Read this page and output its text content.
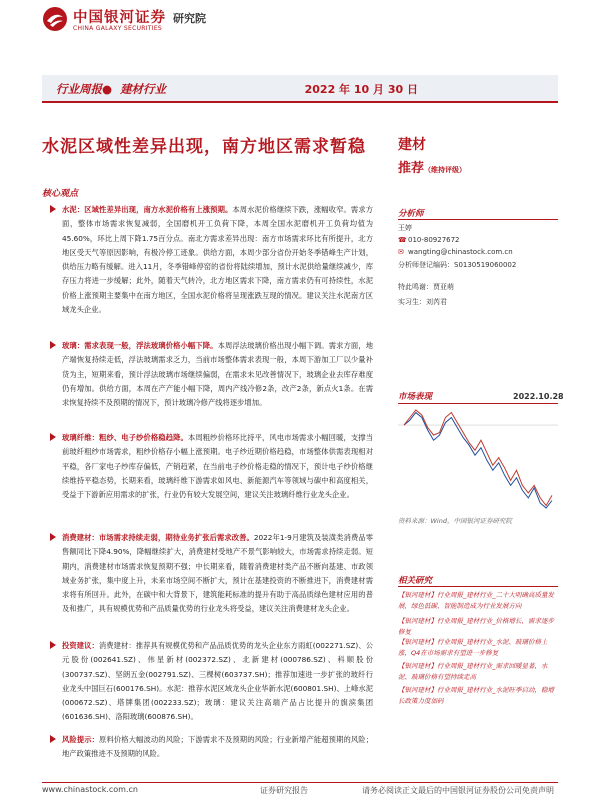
中国银河证券
CHINA GALAXY SECURITIES
研究院
行业周报● 建材行业	2022 年 10 月 30 日
水泥区域性差异出现，南方地区需求暂稳
核心观点
水泥：区域性差异出现，南方水泥价格有上涨预期。本周水泥价格继续下跌，涨幅收窄。需求方面，整体市场需求恢复减弱，全国磨机开工负荷下降，本周全国水泥磨机开工负荷均值为45.60%，环比上周下降1.75百分点。南北方需求差异出现：南方市场需求环比有所提升，北方地区受天气等原因影响，有极冷停工迹象。供给方面，本周少部分省份开始冬季错峰生产计划，供给压力略有缓解。进入11月，冬季错峰停窑的省份将陆续增加，预计水泥供给量继续减少，库存压力将进一步缓解；此外，随着天气转冷，北方地区需求下降，南方需求仍有可持续性，水泥价格上涨预期主要集中在南方地区，全国水泥价格将呈现涨跌互现的情况。建议关注水泥南方区域龙头企业。
玻璃：需求表现一般，浮法玻璃价格小幅下降。本周浮法玻璃价格出现小幅下调。需求方面，地产端恢复持续走低，浮法玻璃需求乏力，当前市场整体需求表现一般，本周下游加工厂以少量补货为主，短期来看，预计浮法玻璃市场继续偏弱，在需求未见改善情况下，玻璃企业去库存难度仍有增加。供给方面，本周在产产能小幅下降，周内产线冷修2条，改产2条，新点火1条。在需求恢复持续不及预期的情况下，预计玻璃冷修产线将逐步增加。
玻璃纤维：粗纱、电子纱价格稳趋降。本周粗纱价格环比持平，风电市场需求小幅回暖，支撑当前玻纤粗纱市场需求，粗纱价格存小幅上涨预期。电子纱近期价格趋稳，市场整体供需表现相对平稳，各厂家电子纱库存偏低，产销趋紧，在当前电子纱价格走稳的情况下，预计电子纱价格继续维持平稳态势，长期来看，玻璃纤维下游需求如风电、新能源汽车等领域与碳中和高度相关，受益于下游新应用需求的扩张，行业仍有较大发展空间，建议关注玻璃纤维行业龙头企业。
消费建材：市场需求持续走弱，期待业务扩张后需求改善。2022年1-9月建筑及装潢类消费品零售额同比下降4.90%，降幅继续扩大，消费建材受地产不景气影响较大，市场需求持续走弱。短期内，消费建材市场需求恢复预期不强；中长期来看，随着消费建材类产品不断向基建、市政领域业务扩张，集中度上升，未来市场空间不断扩大，预计在基建投资的不断推进下，消费建材需求将有所回升。此外，在碳中和大背景下，建筑能耗标准的提升有助于高品质绿色建材应用的普及和推广，具有规模优势和产品质量优势的行业龙头将受益，建议关注消费建材龙头企业。
投资建议：消费建材：推荐具有规模优势和产品品质优势的龙头企业东方雨虹(002271.SZ)、公元股份(002641.SZ)、伟星新材(002372.SZ)、北新建材(000786.SZ)、科顺股份(300737.SZ)、坚朗五金(002791.SZ)、三棵树(603737.SH)；推荐加速进一步扩张的玻纤行业龙头中国巨石(600176.SH)。水泥：推荐水泥区域龙头企业华新水泥(600801.SH)、上峰水泥(000672.SZ)、塔牌集团(002233.SZ)；玻璃：建议关注高端产品占比提升的旗滨集团(601636.SH)、洛阳玻璃(600876.SH)。
风险提示：原料价格大幅波动的风险；下游需求不及预期的风险；行业新增产能超预期的风险；地产政策推进不及预期的风险。
建材
推荐（维持评级）
分析师
王婷
☎010-80927672
✉ wangting@chinastock.com.cn
分析师登记编码：S0130519060002
特此鸣谢：贾亚萌
实习生：刘芮君
市场表现	2022.10.28
资料来源：Wind，中国银河证券研究院
相关研究
【银河建材】行业周报_建材行业_二十大明确高质量发展，绿色低碳、智能制造成为行业发展方向
【银河建材】行业周报_建材行业_价格增长，需求逐步修复
【银河建材】行业周报_建材行业_水泥、玻璃价格上涨，Q4在市场需求有望进一步修复
【银河建材】行业周报_建材行业_需求回暖显著，水泥、玻璃价格有望持续走高
【银河建材】行业周报_建材行业_水泥旺季启动，稳增长政策力度加码
www.chinastock.com.cn	证券研究报告	请务必阅读正文最后的中国银河证券股份公司免责声明
